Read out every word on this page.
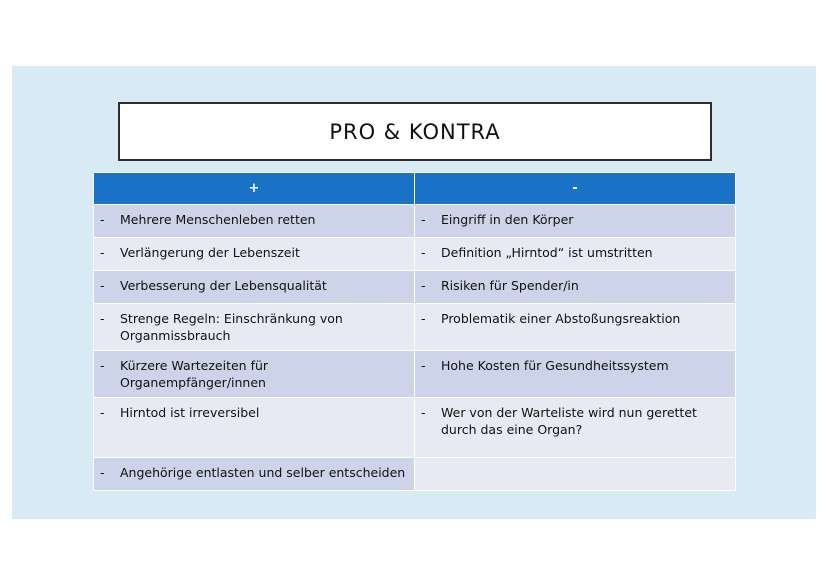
PRO & KONTRA
+	-

- Mehrere Menschenleben retten	- Eingriff in den Körper

- Verlängerung der Lebenszeit	- Definition „Hirntod“ ist umstritten

- Verbesserung der Lebensqualität	- Risiken für Spender/in

- Strenge Regeln: Einschränkung von Organmissbrauch	- Problematik einer Abstoßungsreaktion

- Kürzere Wartezeiten für Organempfänger/innen	- Hohe Kosten für Gesundheitssystem

- Hirntod ist irreversibel	- Wer von der Warteliste wird nun gerettet durch das eine Organ?

- Angehörige entlasten und selber entscheiden	
